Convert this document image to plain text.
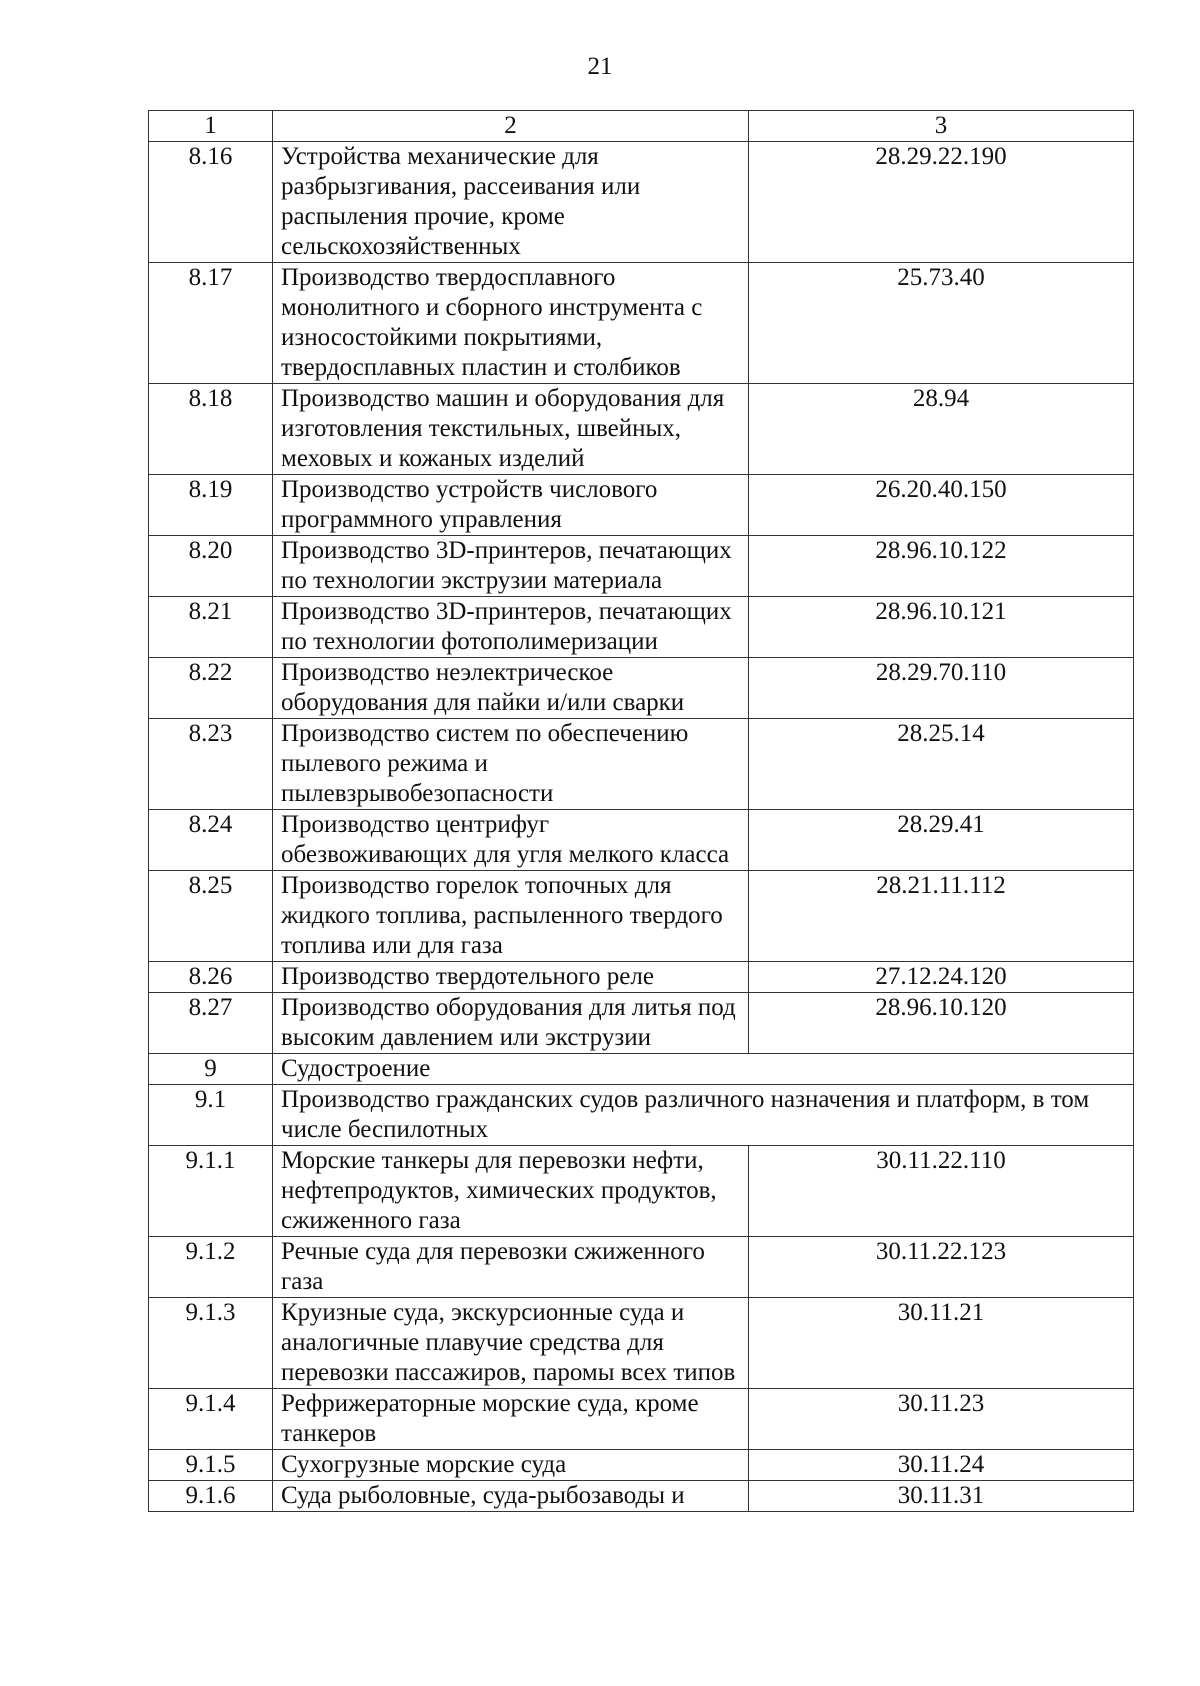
21
1	2	3
8.16	Устройства механические для разбрызгивания, рассеивания или распыления прочие, кроме сельскохозяйственных	28.29.22.190
8.17	Производство твердосплавного монолитного и сборного инструмента с износостойкими покрытиями, твердосплавных пластин и столбиков	25.73.40
8.18	Производство машин и оборудования для изготовления текстильных, швейных, меховых и кожаных изделий	28.94
8.19	Производство устройств числового программного управления	26.20.40.150
8.20	Производство 3D-принтеров, печатающих по технологии экструзии материала	28.96.10.122
8.21	Производство 3D-принтеров, печатающих по технологии фотополимеризации	28.96.10.121
8.22	Производство неэлектрическое оборудования для пайки и/или сварки	28.29.70.110
8.23	Производство систем по обеспечению пылевого режима и пылевзрывобезопасности	28.25.14
8.24	Производство центрифуг обезвоживающих для угля мелкого класса	28.29.41
8.25	Производство горелок топочных для жидкого топлива, распыленного твердого топлива или для газа	28.21.11.112
8.26	Производство твердотельного реле	27.12.24.120
8.27	Производство оборудования для литья под высоким давлением или экструзии	28.96.10.120
9	Судостроение	
9.1	Производство гражданских судов различного назначения и платформ, в том числе беспилотных	
9.1.1	Морские танкеры для перевозки нефти, нефтепродуктов, химических продуктов, сжиженного газа	30.11.22.110
9.1.2	Речные суда для перевозки сжиженного газа	30.11.22.123
9.1.3	Круизные суда, экскурсионные суда и аналогичные плавучие средства для перевозки пассажиров, паромы всех типов	30.11.21
9.1.4	Рефрижераторные морские суда, кроме танкеров	30.11.23
9.1.5	Сухогрузные морские суда	30.11.24
9.1.6	Суда рыболовные, суда-рыбозаводы и	30.11.31
